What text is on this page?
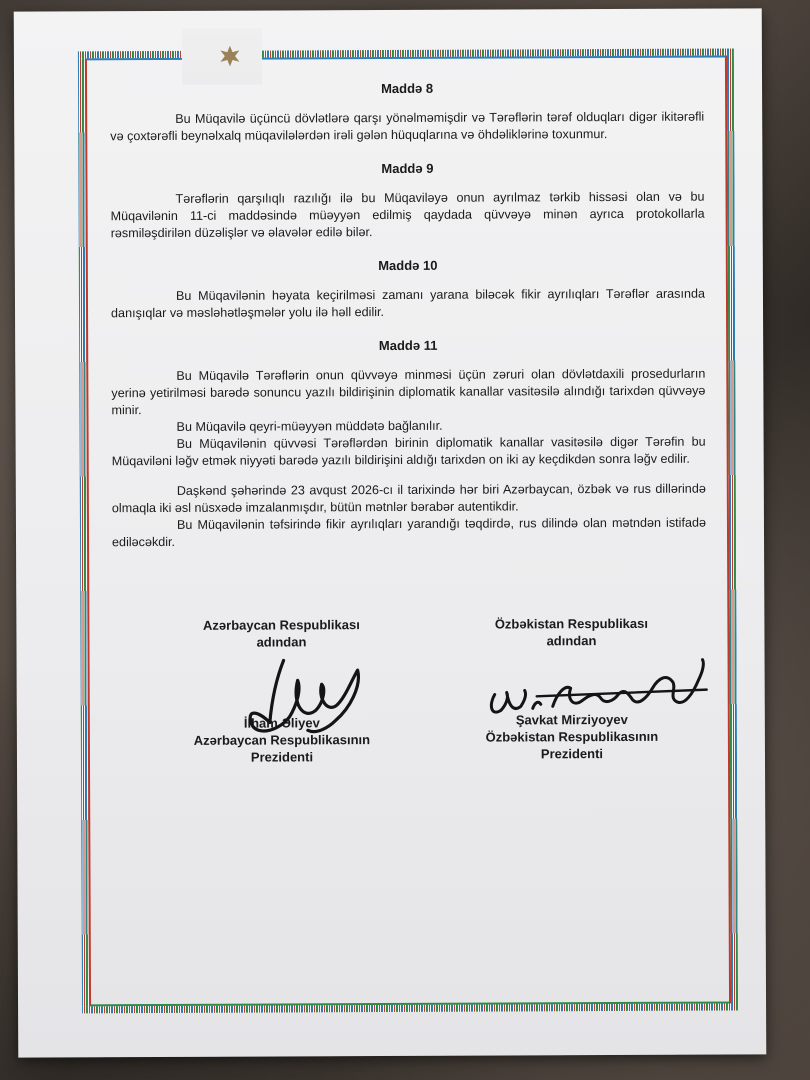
Maddə 8

Bu Müqavilə üçüncü dövlətlərə qarşı yönəlməmişdir və Tərəflərin tərəf olduqları digər ikitərəfli və çoxtərəfli beynəlxalq müqavilələrdən irəli gələn hüquqlarına və öhdəliklərinə toxunmur.

Maddə 9

Tərəflərin qarşılıqlı razılığı ilə bu Müqaviləyə onun ayrılmaz tərkib hissəsi olan və bu Müqavilənin 11-ci maddəsində müəyyən edilmiş qaydada qüvvəyə minən ayrıca protokollarla rəsmiləşdirilən düzəlişlər və əlavələr edilə bilər.

Maddə 10

Bu Müqavilənin həyata keçirilməsi zamanı yarana biləcək fikir ayrılıqları Tərəflər arasında danışıqlar və məsləhətləşmələr yolu ilə həll edilir.

Maddə 11

Bu Müqavilə Tərəflərin onun qüvvəyə minməsi üçün zəruri olan dövlətdaxili prosedurların yerinə yetirilməsi barədə sonuncu yazılı bildirişinin diplomatik kanallar vasitəsilə alındığı tarixdən qüvvəyə minir.

Bu Müqavilə qeyri-müəyyən müddətə bağlanılır.

Bu Müqavilənin qüvvəsi Tərəflərdən birinin diplomatik kanallar vasitəsilə digər Tərəfin bu Müqaviləni ləğv etmək niyyəti barədə yazılı bildirişini aldığı tarixdən on iki ay keçdikdən sonra ləğv edilir.

Daşkənd şəhərində 23 avqust 2026-cı il tarixində hər biri Azərbaycan, özbək və rus dillərində olmaqla iki əsl nüsxədə imzalanmışdır, bütün mətnlər bərabər autentikdir.

Bu Müqavilənin təfsirində fikir ayrılıqları yarandığı təqdirdə, rus dilində olan mətndən istifadə ediləcəkdir.

Azərbaycan Respublikası
adından
İlham Əliyev
Azərbaycan Respublikasının
Prezidenti
Özbəkistan Respublikası
adından
Şavkat Mirziyoyev
Özbəkistan Respublikasının
Prezidenti
